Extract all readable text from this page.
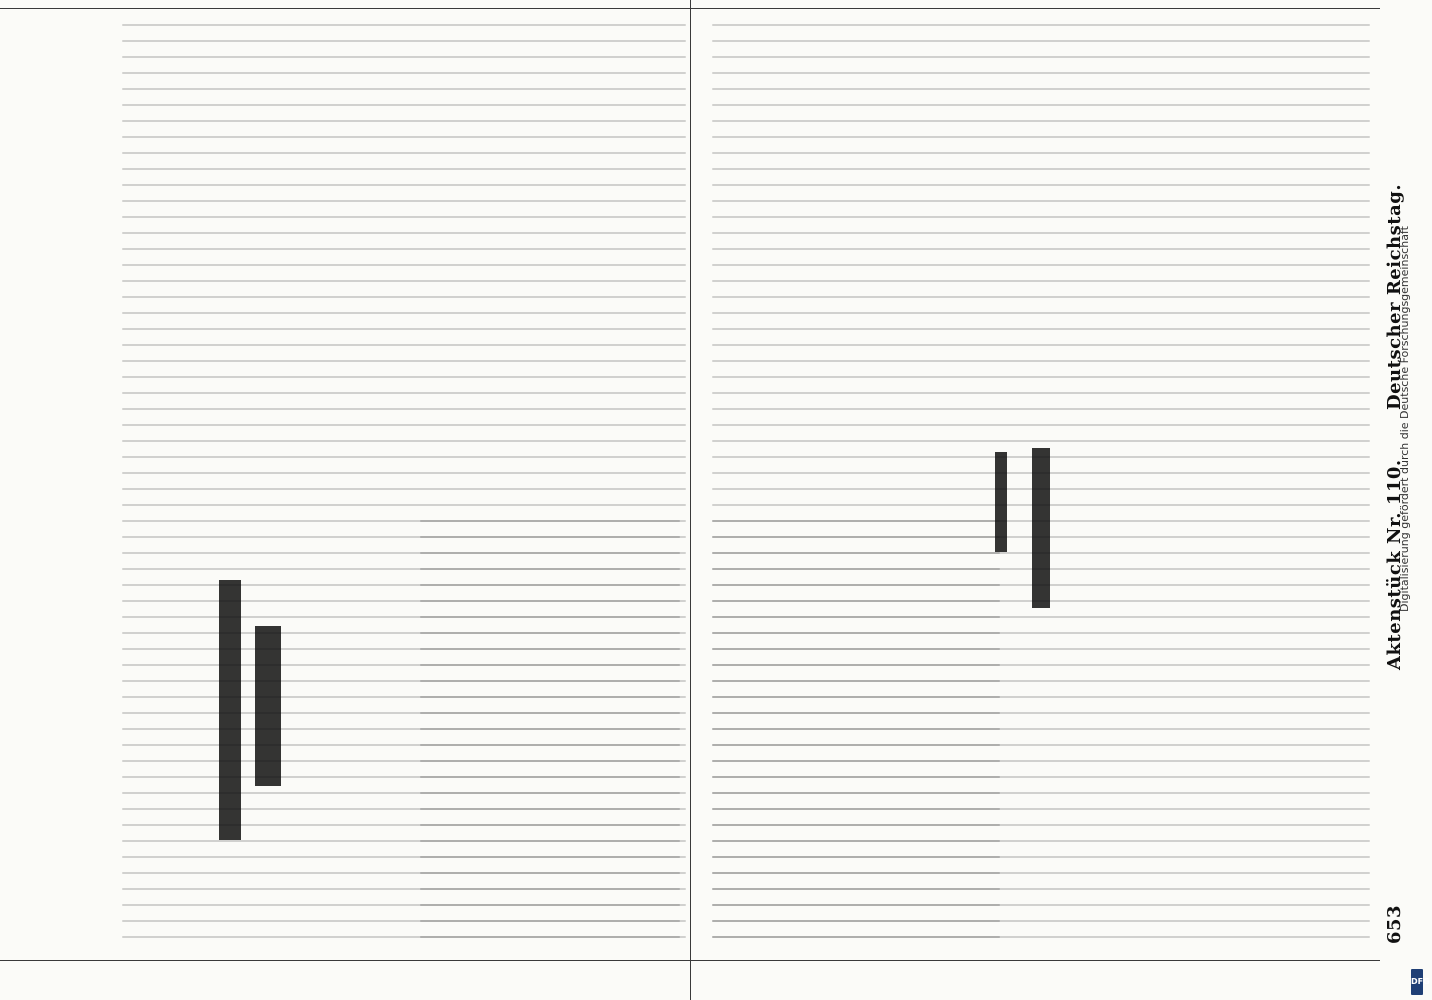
Deutscher Reichstag.
Aktenstück Nr. 110.
653
Digitalisierung gefördert durch die Deutsche Forschungsgemeinschaft
DFG
